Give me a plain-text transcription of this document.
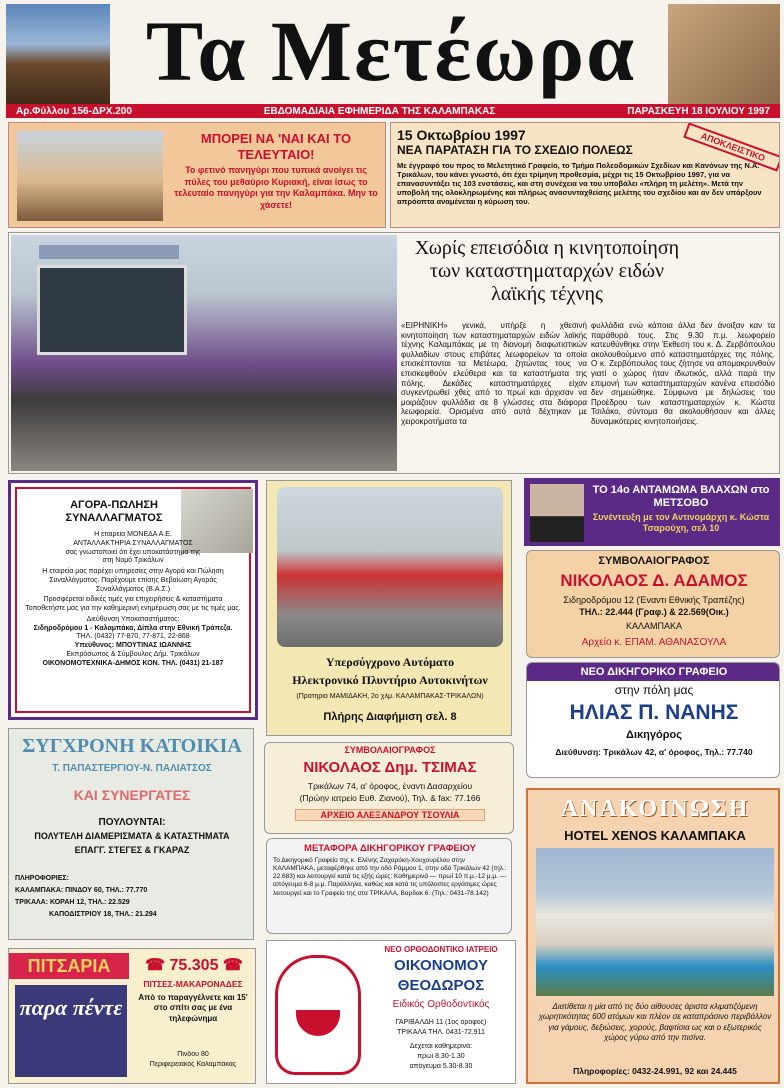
Τα Μετέωρα
Αρ.Φύλλου 156-ΔΡΧ.200	ΕΒΔΟΜΑΔΙΑΙΑ ΕΦΗΜΕΡΙΔΑ ΤΗΣ ΚΑΛΑΜΠΑΚΑΣ	ΠΑΡΑΣΚΕΥΗ 18 ΙΟΥΛΙΟΥ 1997
ΜΠΟΡΕΙ ΝΑ 'ΝΑΙ ΚΑΙ ΤΟ ΤΕΛΕΥΤΑΙΟ!
Το φετινό πανηγύρι που τυπικά ανοίγει τις πύλες του μεθαύριο Κυριακή, είναι ίσως το τελευταίο πανηγύρι για την Καλαμπάκα. Μην το χάσετε!
15 Οκτωβρίου 1997
ΝΕΑ ΠΑΡΑΤΑΣΗ ΓΙΑ ΤΟ ΣΧΕΔΙΟ ΠΟΛΕΩΣ
Με έγγραφό του προς το Μελετητικό Γραφείο, το Τμήμα Πολεοδομικών Σχεδίων και Κανόνων της Ν.Α. Τρικάλων, του κάνει γνωστό, ότι έχει τρίμηνη προθεσμία, μέχρι τις 15 Οκτωβρίου 1997, για να επανασυντάξει τις 103 ενστάσεις, και στη συνέχεια να του υποβάλει «πλήρη τη μελέτη». Μετά την υποβολή της ολοκληρωμένης και πλήρως ανασυνταχθείσης μελέτης του σχεδίου και αν δεν υπάρξουν απρόοπτα αναμένεται η κύρωση του.
ΑΠΟΚΛΕΙΣΤΙΚΟ
Χωρίς επεισόδια η κινητοποίηση των καταστηματαρχών ειδών λαϊκής τέχνης
«ΕΙΡΗΝΙΚΗ» γενικά, υπήρξε η χθεσινή κινητοποίηση των καταστηματαρχών ειδών λαϊκής τέχνης Καλαμπάκας με τη διανομή διαφωτιστικών φυλλαδίων στους επιβάτες λεωφορείων τα οποία επισκέπτονται τα Μετέωρα, ζητώντας τους να επισκεφθούν ελεύθερα και τα καταστήματα της πόλης. Δεκάδες καταστηματάρχες είχαν συγκεντρωθεί χθες από το πρωί και άρχισαν να μοιράζουν φυλλάδια σε 8 γλώσσες στα διάφορα λεωφορεία. Ορισμένα από αυτά δέχτηκαν με χειροκροτήματα τα
φυλλάδια ενώ κάποια άλλα δεν άνοιξαν καν τα παράθυρά τους. Στις 9.30 π.μ. λεωφορείο κατευθύνθηκε στην Έκθεση του κ. Δ. Ζερβόπουλου ακολουθούμενο από καταστηματάρχες της πόλης. Ο κ. Ζερβόπουλος τους ζήτησε να απομακρυνθούν γιατί ο χώρος ήταν ιδιωτικός, αλλά παρά την επιμονή των καταστηματαρχών κανένα επεισόδιο δεν σημειώθηκε. Σύμφωνα με δηλώσεις του Προέδρου των καταστηματαρχών κ. Κώστα Τσιλάκο, σύντομα θα ακολουθήσουν και άλλες δυναμικότερες κινητοποιήσεις.
ΑΓΟΡΑ-ΠΩΛΗΣΗ ΣΥΝΑΛΛΑΓΜΑΤΟΣ
Η εταιρεία ΜΟΝΕΔΑ Α.Ε.
ΑΝΤΑΛΛΑΚΤΗΡΙΑ ΣΥΝΑΛΛΑΓΜΑΤΟΣ
σας γνωστοποιεί ότι έχει υποκατάστημα της
στη Νομό Τρικάλων
Η εταιρεία μας παρέχει υπηρεσίες στην Αγορά και Πώληση Συναλλάγματος. Παρέχουμε επίσης Βεβαίωση Αγοράς Συναλλάγματος (Β.Α.Σ.)
Προσφέρεται ειδικές τιμές για επιχειρήσεις & καταστήματα
Τοποθετήστε μας για την καθημερινή ενημέρωση σας με τις τιμές μας.
Διεύθυνση Υποκαταστήματος:
Σιδηροδρόμου 1 - Καλαμπάκα, Δίπλα στην Εθνική Τράπεζα.
ΤΗΛ. (0432) 77-870, 77-871, 22-868
Υπεύθυνος: ΜΠΟΥΤΙΝΑΣ ΙΩΑΝΝΗΣ
Εκπρόσωπος & Σύμβουλος Δήμ. Τρικάλων
ΟΙΚΟΝΟΜΟΤΕΧΝΙΚΑ-ΔΗΜΟΣ ΚΟΝ. ΤΗΛ. (0431) 21-187	Υπερσύγχρονο Αυτόματο
Ηλεκτρονικό Πλυντήριο Αυτοκινήτων
(Πρατήριο ΜΑΜΙΔΑΚΗ, 2ο χλμ. ΚΑΛΑΜΠΑΚΑΣ-ΤΡΙΚΑΛΩΝ)
Πλήρης Διαφήμιση σελ. 8
ΤΟ 14ο ΑΝΤΑΜΩΜΑ ΒΛΑΧΩΝ στο ΜΕΤΣΟΒΟ
Συνέντευξη με τον Αντινομάρχη κ. Κώστα Τσαρούχη, σελ 10
ΣΥΜΒΟΛΑΙΟΓΡΑΦΟΣ
ΝΙΚΟΛΑΟΣ Δ. ΑΔΑΜΟΣ
Σιδηροδρόμου 12 (Έναντι Εθνικής Τραπέζης)
ΤΗΛ.: 22.444 (Γραφ.) & 22.569(Οικ.)
ΚΑΛΑΜΠΑΚΑ
Αρχείο κ. ΕΠΑΜ. ΑΘΑΝΑΣΟΥΛΑ
ΝΕΟ ΔΙΚΗΓΟΡΙΚΟ ΓΡΑΦΕΙΟ
στην πόλη μας
ΗΛΙΑΣ Π. ΝΑΝΗΣ
Δικηγόρος
Διεύθυνση: Τρικάλων 42, α' όροφος, Τηλ.: 77.740
ΣΥΓΧΡΟΝΗ ΚΑΤΟΙΚΙΑ
Τ. ΠΑΠΑΣΤΕΡΓΙΟΥ-Ν. ΠΑΛΙΑΤΣΟΣ
ΚΑΙ ΣΥΝΕΡΓΑΤΕΣ
ΠΟΥΛΟΥΝΤΑΙ:
ΠΟΛΥΤΕΛΗ ΔΙΑΜΕΡΙΣΜΑΤΑ & ΚΑΤΑΣΤΗΜΑΤΑ
ΕΠΑΓΓ. ΣΤΕΓΕΣ & ΓΚΑΡΑΖ
ΠΛΗΡΟΦΟΡΙΕΣ:
ΚΑΛΑΜΠΑΚΑ: ΠΙΝΔΟΥ 60, ΤΗΛ.: 77.770
ΤΡΙΚΑΛΑ: ΚΟΡΑΗ 12, ΤΗΛ.: 22.529
ΚΑΠΟΔΙΣΤΡΙΟΥ 18, ΤΗΛ.: 21.294
ΣΥΜΒΟΛΑΙΟΓΡΑΦΟΣ
ΝΙΚΟΛΑΟΣ Δημ. ΤΣΙΜΑΣ
Τρικάλων 74, α' όροφος, έναντι Δασαρχείου
(Πρώην ιατρείο Ευθ. Ζιανού), Τηλ. & fax: 77.166
ΑΡΧΕΙΟ ΑΛΕΞΑΝΔΡΟΥ ΤΣΟΥΛΙΑ
ΜΕΤΑΦΟΡΑ ΔΙΚΗΓΟΡΙΚΟΥ ΓΡΑΦΕΙΟΥ
Το Δικηγορικό Γραφείο της κ. Ελένης Ζαχαρόκη-Χουχουρέλου στην ΚΑΛΑΜΠΑΚΑ, μεταφέρθηκε από την οδό Ράμμου 1, στην οδό Τρικάλων 42 (τηλ.: 22.683) και λειτουργεί κατά τις εξής ώρες: Καθημερινά — πρωί 10 π.μ.-12 μ.μ. — απόγευμα 6-8 μ.μ. Παράλληλα, καθώς και κατά τις υπόλοιπες εργάσιμες ώρες λειτουργεί και το Γραφείο της στα ΤΡΙΚΑΛΑ, Βαρδακ 6. (Τηλ.: 0431-78.142)
ΑΝΑΚΟΙΝΩΣΗ
HOTEL XENOS ΚΑΛΑΜΠΑΚΑ
Διατίθεται η μία από τις δύο αίθουσες άριστα κλιματιζόμενη χωρητικότητας 600 ατόμων και πλέον σε καταπράσινο περιβάλλον για γάμους, δεξιώσεις, χορούς, βαφτίσια ως και ο εξωτερικός χώρος γύρω από την πισίνα.
Πληροφορίες: 0432-24.991, 92 και 24.445
ΠΙΤΣΑΡΙΑ
παρα πέντε
☎ 75.305 ☎
ΠΙΤΣΕΣ-ΜΑΚΑΡΟΝΑΔΕΣ
Από το παραγγέλνετε και 15' στο σπίτι σας με ένα τηλεφώνημα
Πινδου 80
Περιφερειακός Καλαμπάκας
ΝΕΟ ΟΡΘΟΔΟΝΤΙΚΟ ΙΑΤΡΕΙΟ
ΟΙΚΟΝΟΜΟΥ
ΘΕΟΔΩΡΟΣ
Ειδικός Ορθοδοντικός
ΓΑΡΙΒΑΛΔΗ 11 (1ος όροφος)
ΤΡΙΚΑΛΑ ΤΗΛ. 0431-72.911
Δέχεται καθημερινά:
πρωί 8.30-1.30
απόγευμα 5.30-8.30
